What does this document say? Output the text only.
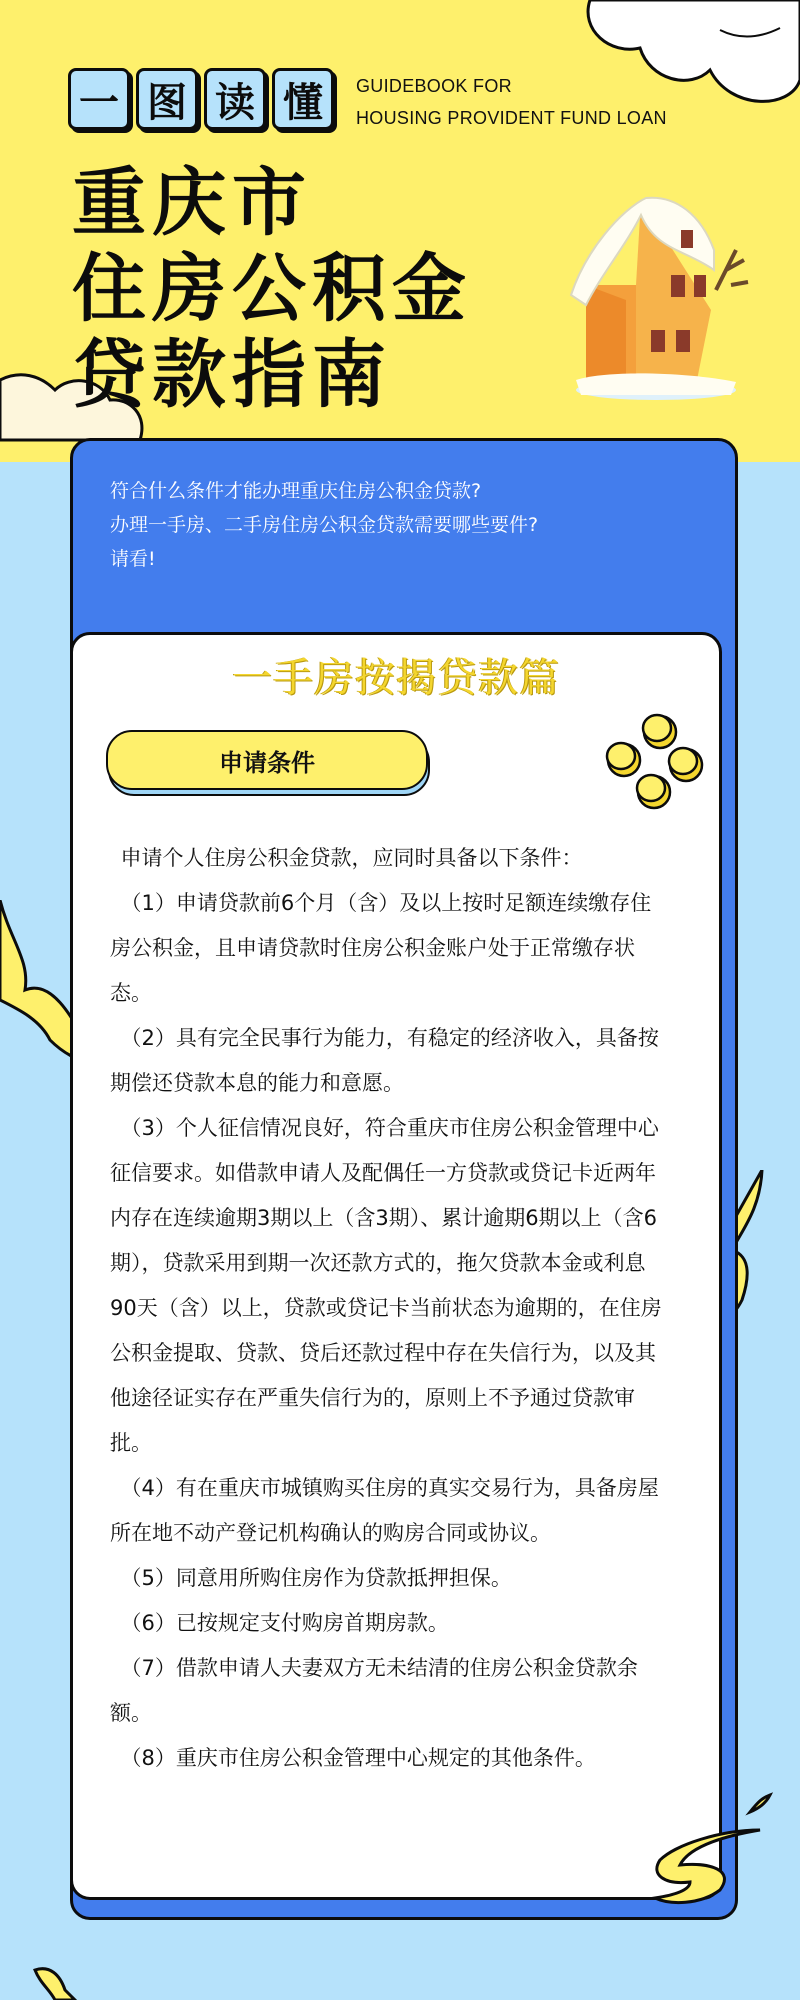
一 图 读 懂	GUIDEBOOK FOR
HOUSING PROVIDENT FUND LOAN
重庆市
住房公积金
贷款指南
符合什么条件才能办理重庆住房公积金贷款?
办理一手房、二手房住房公积金贷款需要哪些要件?
请看!
一手房按揭贷款篇
申请条件

申请个人住房公积金贷款，应同时具备以下条件：

（1）申请贷款前6个月（含）及以上按时足额连续缴存住房公积金，且申请贷款时住房公积金账户处于正常缴存状态。

（2）具有完全民事行为能力，有稳定的经济收入，具备按期偿还贷款本息的能力和意愿。

（3）个人征信情况良好，符合重庆市住房公积金管理中心征信要求。如借款申请人及配偶任一方贷款或贷记卡近两年内存在连续逾期3期以上（含3期）、累计逾期6期以上（含6期），贷款采用到期一次还款方式的，拖欠贷款本金或利息90天（含）以上，贷款或贷记卡当前状态为逾期的，在住房公积金提取、贷款、贷后还款过程中存在失信行为，以及其他途径证实存在严重失信行为的，原则上不予通过贷款审批。

（4）有在重庆市城镇购买住房的真实交易行为，具备房屋所在地不动产登记机构确认的购房合同或协议。

（5）同意用所购住房作为贷款抵押担保。

（6）已按规定支付购房首期房款。

（7）借款申请人夫妻双方无未结清的住房公积金贷款余额。

（8）重庆市住房公积金管理中心规定的其他条件。
